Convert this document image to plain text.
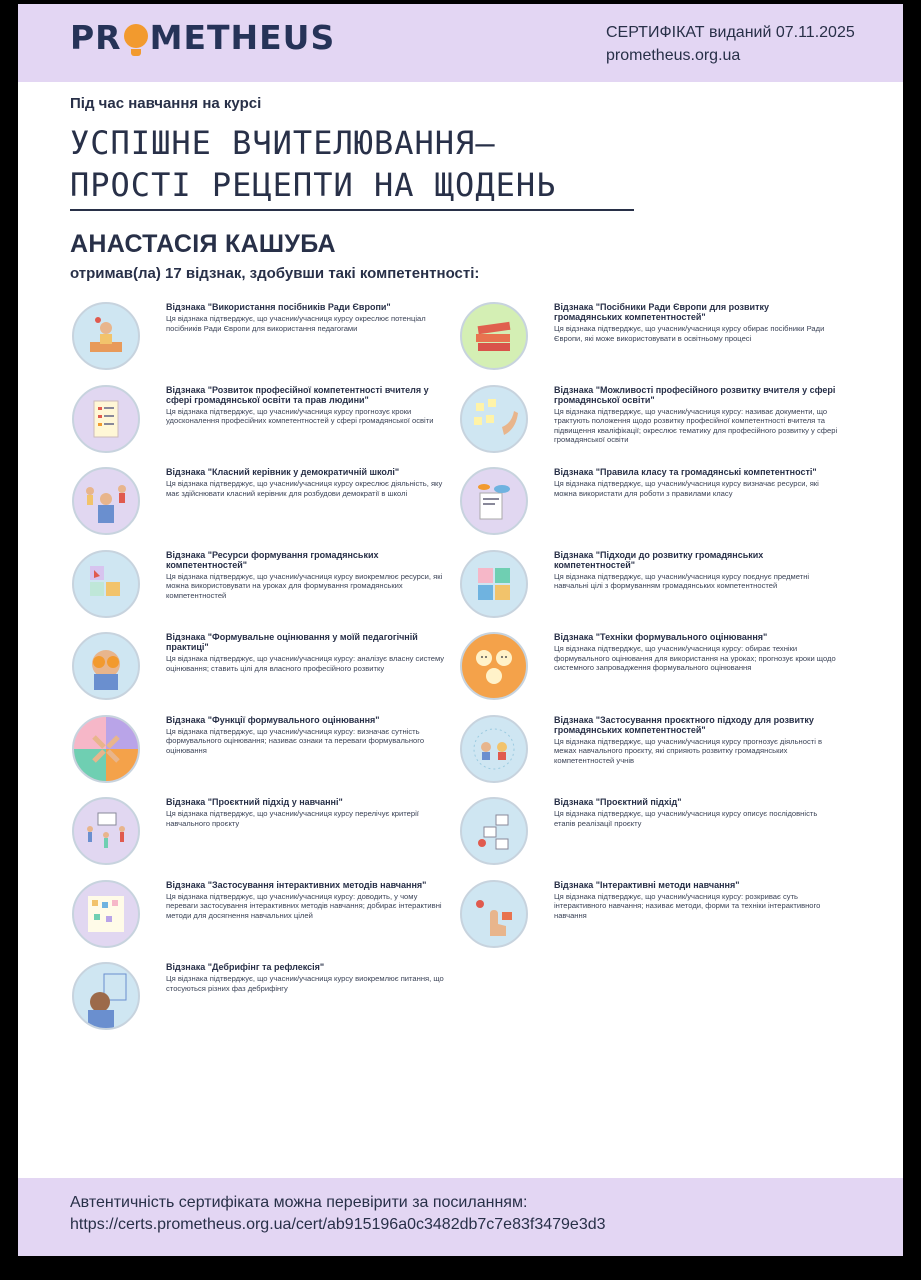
PR METHEUS	СЕРТИФІКАТ виданий 07.11.2025
prometheus.org.ua
Під час навчання на курсі
УСПІШНЕ ВЧИТЕЛЮВАННЯ—
ПРОСТІ РЕЦЕПТИ НА ЩОДЕНЬ
АНАСТАСІЯ КАШУБА
отримав(ла) 17 відзнак, здобувши такі компетентності:
Відзнака "Використання посібників Ради Європи"
Ця відзнака підтверджує, що учасник/учасниця курсу окреслює потенціал посібників Ради Європи для використання педагогами
Відзнака "Посібники Ради Європи для розвитку громадянських компетентностей"
Ця відзнака підтверджує, що учасник/учасниця курсу обирає посібники Ради Європи, які може використовувати в освітньому процесі
Відзнака "Розвиток професійної компетентності вчителя у сфері громадянської освіти та прав людини"
Ця відзнака підтверджує, що учасник/учасниця курсу прогнозує кроки удосконалення професійних компетентностей у сфері громадянської освіти
Відзнака "Можливості професійного розвитку вчителя у сфері громадянської освіти"
Ця відзнака підтверджує, що учасник/учасниця курсу: називає документи, що трактують положення щодо розвитку професійної компетентності вчителя та підвищення кваліфікації; окреслює тематику для професійного розвитку у сфері громадянської освіти
Відзнака "Класний керівник у демократичній школі"
Ця відзнака підтверджує, що учасник/учасниця курсу окреслює діяльність, яку має здійснювати класний керівник для розбудови демократії в школі
Відзнака "Правила класу та громадянські компетентності"
Ця відзнака підтверджує, що учасник/учасниця курсу визначає ресурси, які можна використати для роботи з правилами класу
Відзнака "Ресурси формування громадянських компетентностей"
Ця відзнака підтверджує, що учасник/учасниця курсу виокремлює ресурси, які можна використовувати на уроках для формування громадянських компетентностей
Відзнака "Підходи до розвитку громадянських компетентностей"
Ця відзнака підтверджує, що учасник/учасниця курсу поєднує предметні навчальні цілі з формуванням громадянських компетентностей
Відзнака "Формувальне оцінювання у моїй педагогічній практиці"
Ця відзнака підтверджує, що учасник/учасниця курсу: аналізує власну систему оцінювання; ставить цілі для власного професійного розвитку
Відзнака "Техніки формувального оцінювання"
Ця відзнака підтверджує, що учасник/учасниця курсу: обирає техніки формувального оцінювання для використання на уроках; прогнозує кроки щодо системного запровадження формувального оцінювання
Відзнака "Функції формувального оцінювання"
Ця відзнака підтверджує, що учасник/учасниця курсу: визначає сутність формувального оцінювання; називає ознаки та переваги формувального оцінювання
Відзнака "Застосування проєктного підходу для розвитку громадянських компетентностей"
Ця відзнака підтверджує, що учасник/учасниця курсу прогнозує діяльності в межах навчального проєкту, які сприяють розвитку громадянських компетентностей учнів
Відзнака "Проєктний підхід у навчанні"
Ця відзнака підтверджує, що учасник/учасниця курсу перелічує критерії навчального проєкту
Відзнака "Проєктний підхід"
Ця відзнака підтверджує, що учасник/учасниця курсу описує послідовність етапів реалізації проєкту
Відзнака "Застосування інтерактивних методів навчання"
Ця відзнака підтверджує, що учасник/учасниця курсу: доводить, у чому переваги застосування інтерактивних методів навчання; добирає інтерактивні методи для досягнення навчальних цілей
Відзнака "Інтерактивні методи навчання"
Ця відзнака підтверджує, що учасник/учасниця курсу: розкриває суть інтерактивного навчання; називає методи, форми та техніки інтерактивного навчання
Відзнака "Дебрифінг та рефлексія"
Ця відзнака підтверджує, що учасник/учасниця курсу виокремлює питання, що стосуються різних фаз дебрифінгу
Автентичність сертифіката можна перевірити за посиланням:
https://certs.prometheus.org.ua/cert/ab915196a0c3482db7c7e83f3479e3d3
